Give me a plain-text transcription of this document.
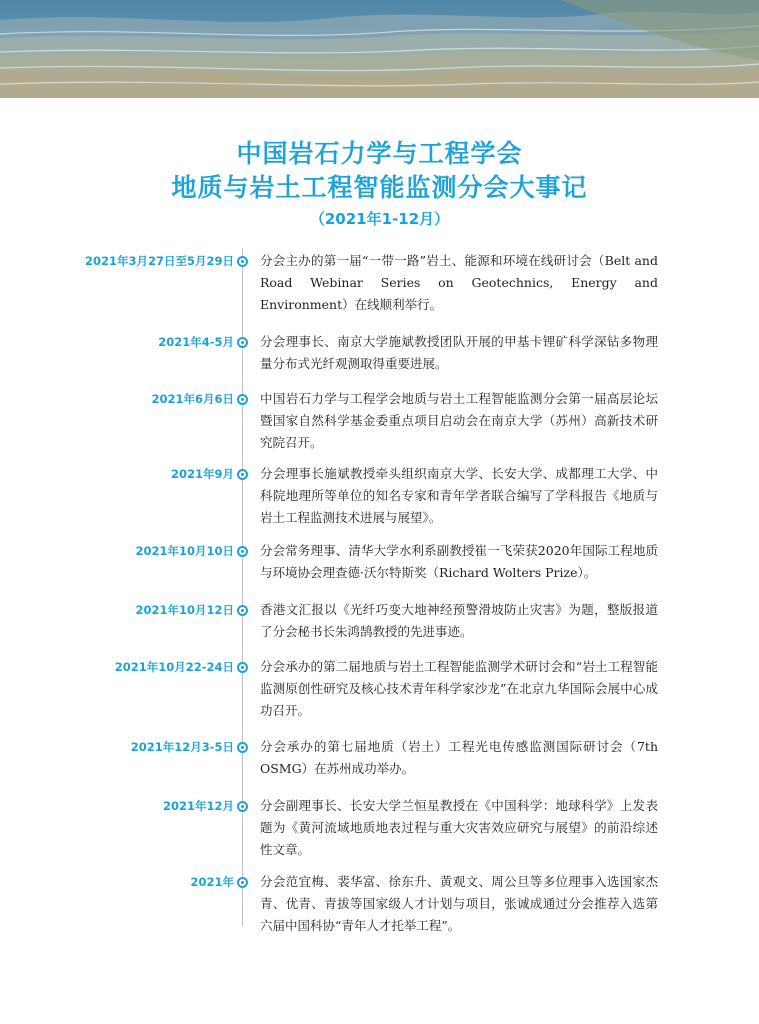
中国岩石力学与工程学会
地质与岩土工程智能监测分会大事记
（2021年1-12月）
2021年3月27日至5月29日 分会主办的第一届“一带一路”岩土、能源和环境在线研讨会（Belt and Road Webinar Series on Geotechnics, Energy and Environment）在线顺利举行。

2021年4-5月 分会理事长、南京大学施斌教授团队开展的甲基卡锂矿科学深钻多物理量分布式光纤观测取得重要进展。

2021年6月6日 中国岩石力学与工程学会地质与岩土工程智能监测分会第一届高层论坛暨国家自然科学基金委重点项目启动会在南京大学（苏州）高新技术研究院召开。

2021年9月 分会理事长施斌教授牵头组织南京大学、长安大学、成都理工大学、中科院地理所等单位的知名专家和青年学者联合编写了学科报告《地质与岩土工程监测技术进展与展望》。

2021年10月10日 分会常务理事、清华大学水利系副教授崔一飞荣获2020年国际工程地质与环境协会理查德·沃尔特斯奖（Richard Wolters Prize）。

2021年10月12日 香港文汇报以《光纤巧变大地神经预警滑坡防止灾害》为题，整版报道了分会秘书长朱鸿鹄教授的先进事迹。

2021年10月22-24日 分会承办的第二届地质与岩土工程智能监测学术研讨会和“岩土工程智能监测原创性研究及核心技术青年科学家沙龙”在北京九华国际会展中心成功召开。

2021年12月3-5日 分会承办的第七届地质（岩土）工程光电传感监测国际研讨会（7th OSMG）在苏州成功举办。

2021年12月 分会副理事长、长安大学兰恒星教授在《中国科学：地球科学》上发表题为《黄河流域地质地表过程与重大灾害效应研究与展望》的前沿综述性文章。

2021年 分会范宜梅、裴华富、徐东升、黄观文、周公旦等多位理事入选国家杰青、优青、青拔等国家级人才计划与项目，张诚成通过分会推荐入选第六届中国科协“青年人才托举工程”。
